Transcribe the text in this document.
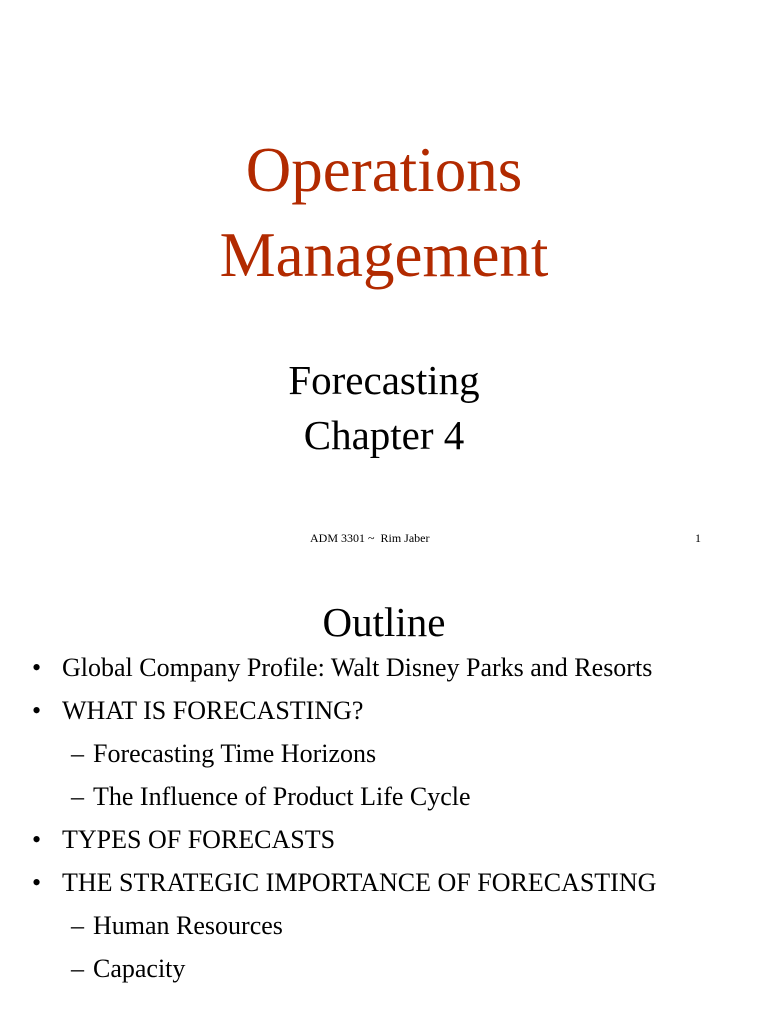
Operations
Management
Forecasting
Chapter 4
ADM 3301 ~  Rim Jaber	1
Outline
• Global Company Profile: Walt Disney Parks and Resorts
• WHAT IS FORECASTING?
– Forecasting Time Horizons
– The Influence of Product Life Cycle
• TYPES OF FORECASTS
• THE STRATEGIC IMPORTANCE OF FORECASTING
– Human Resources
– Capacity
